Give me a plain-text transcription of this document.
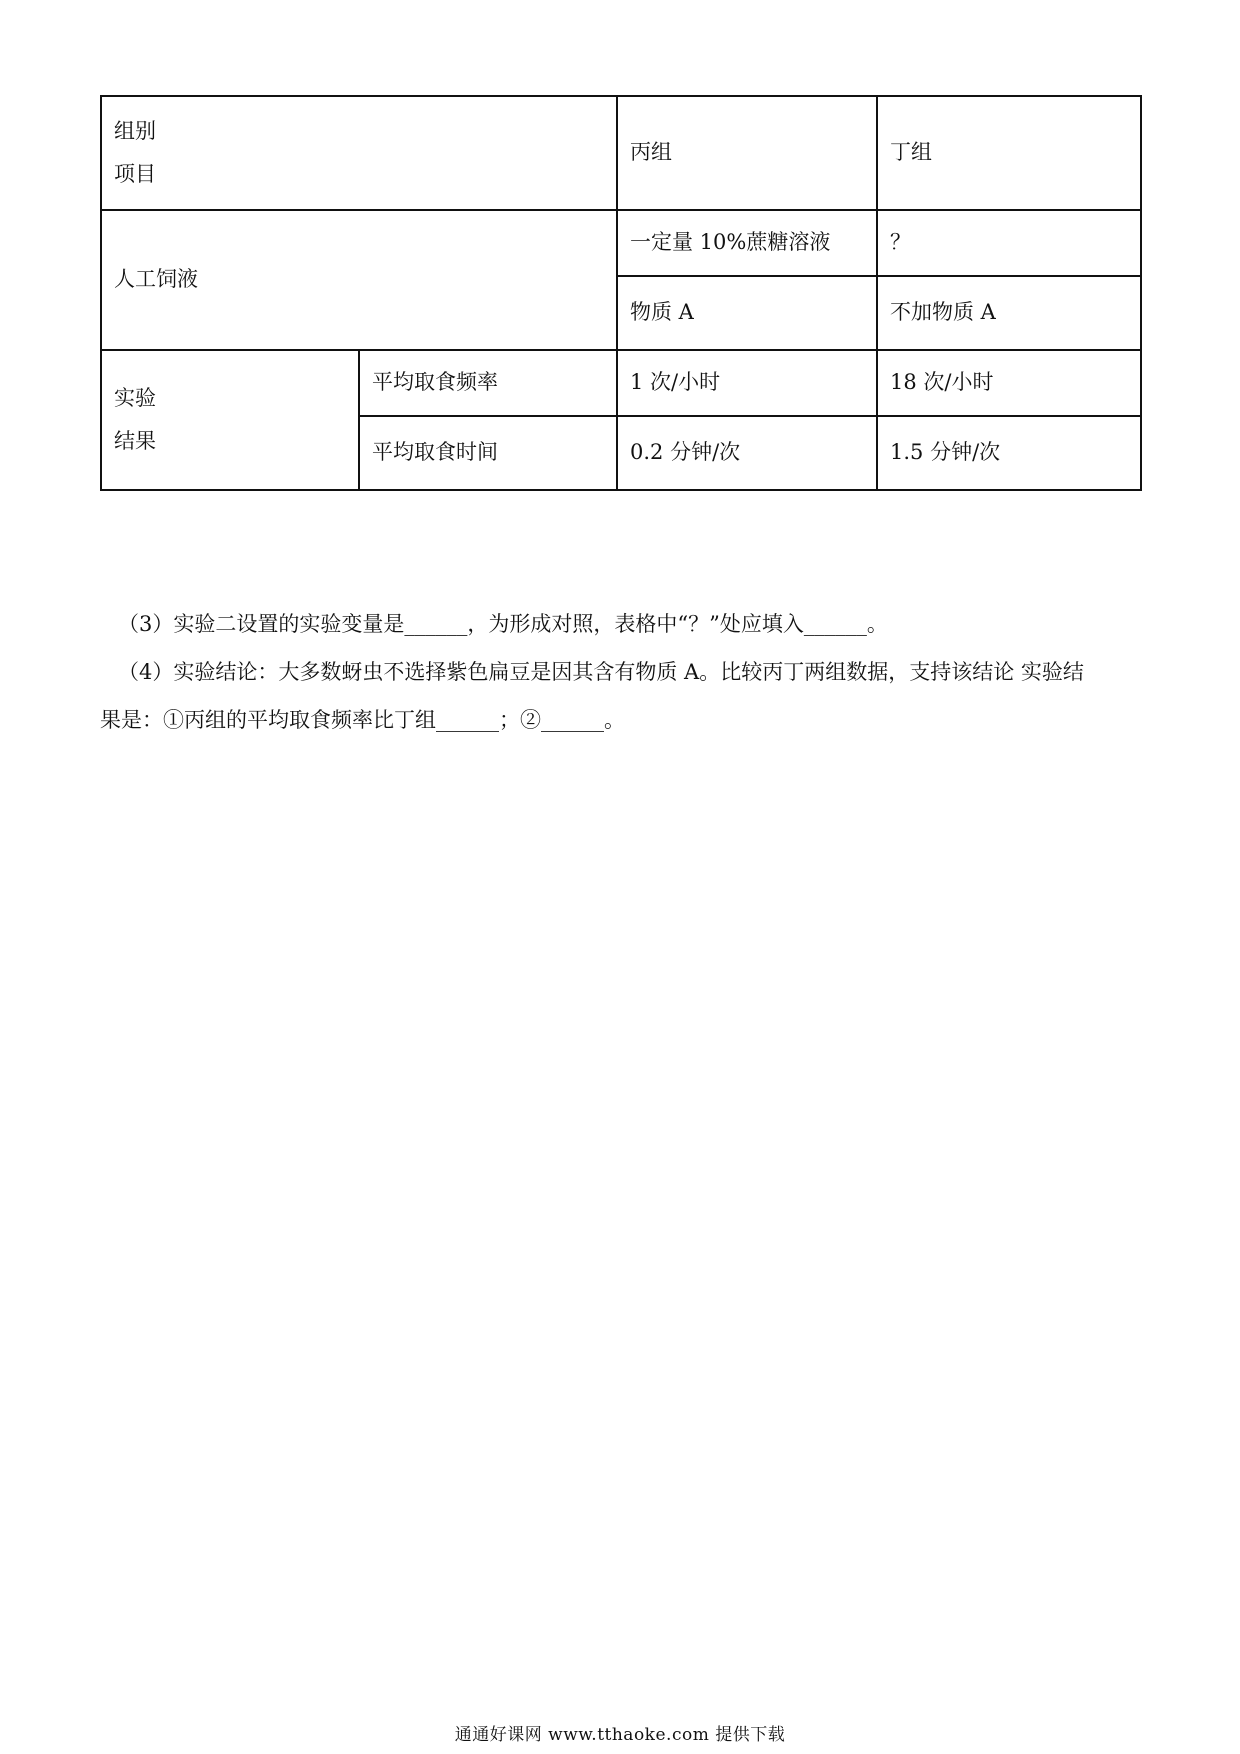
组别
项目		丙组	丁组
人工饲液		一定量 10%蔗糖溶液	？
		物质 A	不加物质 A

实验
结果	平均取食频率	1 次/小时	18 次/小时
	平均取食时间	0.2 分钟/次	1.5 分钟/次

（3）实验二设置的实验变量是______，为形成对照，表格中“？”处应填入______。

（4）实验结论：大多数蚜虫不选择紫色扁豆是因其含有物质 A。比较丙丁两组数据，支持该结论 实验结

果是：①丙组的平均取食频率比丁组______；②______。

通通好课网 www.tthaoke.com 提供下载
